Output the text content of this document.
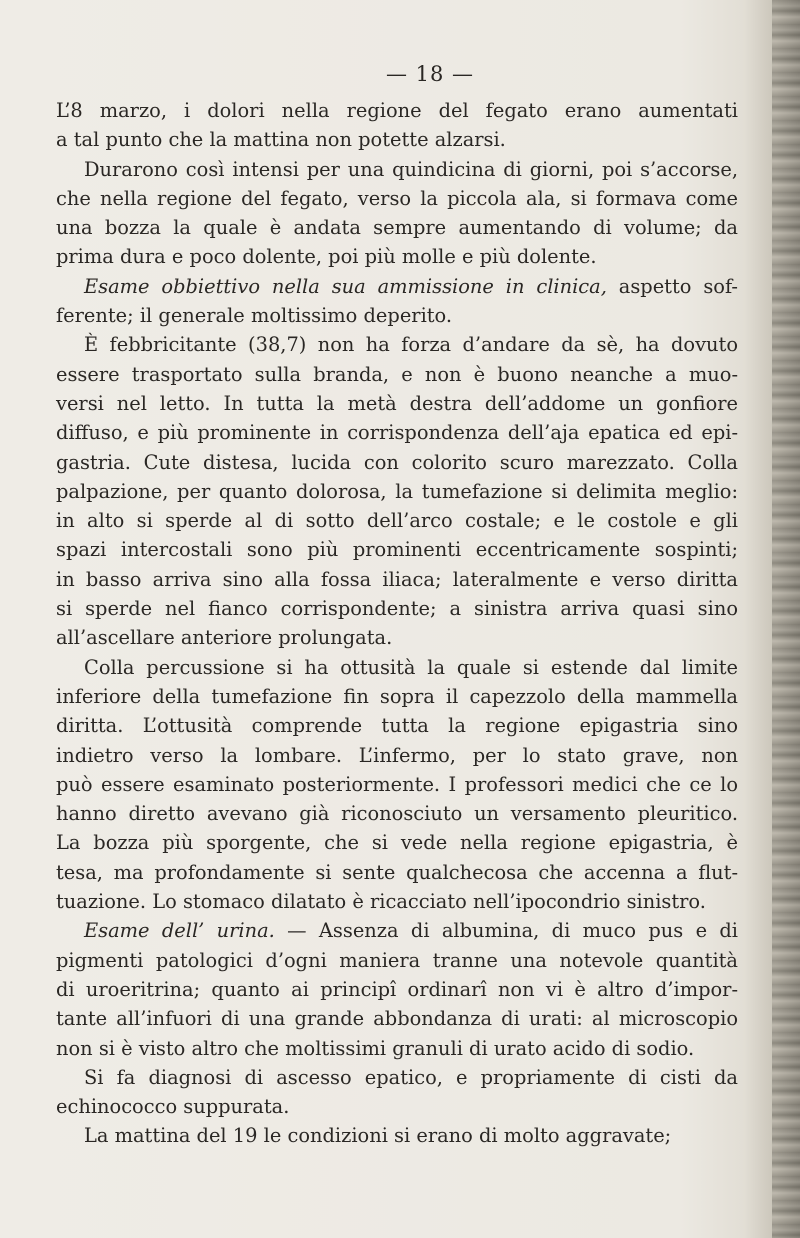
— 18 —
L’8 marzo, i dolori nella regione del fegato erano aumentati
a tal punto che la mattina non potette alzarsi.
Durarono così intensi per una quindicina di giorni, poi s’accorse,
che nella regione del fegato, verso la piccola ala, si formava come
una bozza la quale è andata sempre aumentando di volume; da
prima dura e poco dolente, poi più molle e più dolente.
Esame obbiettivo nella sua ammissione in clinica, aspetto sof-
ferente; il generale moltissimo deperito.
È febbricitante (38,7) non ha forza d’andare da sè, ha dovuto
essere trasportato sulla branda, e non è buono neanche a muo-
versi nel letto. In tutta la metà destra dell’addome un gonfiore
diffuso, e più prominente in corrispondenza dell’aja epatica ed epi-
gastria. Cute distesa, lucida con colorito scuro marezzato. Colla
palpazione, per quanto dolorosa, la tumefazione si delimita meglio:
in alto si sperde al di sotto dell’arco costale; e le costole e gli
spazi intercostali sono più prominenti eccentricamente sospinti;
in basso arriva sino alla fossa iliaca; lateralmente e verso diritta
si sperde nel fianco corrispondente; a sinistra arriva quasi sino
all’ascellare anteriore prolungata.
Colla percussione si ha ottusità la quale si estende dal limite
inferiore della tumefazione fin sopra il capezzolo della mammella
diritta. L’ottusità comprende tutta la regione epigastria sino
indietro verso la lombare. L’infermo, per lo stato grave, non
può essere esaminato posteriormente. I professori medici che ce lo
hanno diretto avevano già riconosciuto un versamento pleuritico.
La bozza più sporgente, che si vede nella regione epigastria, è
tesa, ma profondamente si sente qualchecosa che accenna a flut-
tuazione. Lo stomaco dilatato è ricacciato nell’ipocondrio sinistro.
Esame dell’ urina. — Assenza di albumina, di muco pus e di
pigmenti patologici d’ogni maniera tranne una notevole quantità
di uroeritrina; quanto ai principî ordinarî non vi è altro d’impor-
tante all’infuori di una grande abbondanza di urati: al microscopio
non si è visto altro che moltissimi granuli di urato acido di sodio.
Si fa diagnosi di ascesso epatico, e propriamente di cisti da
echinococco suppurata.
La mattina del 19 le condizioni si erano di molto aggravate;
